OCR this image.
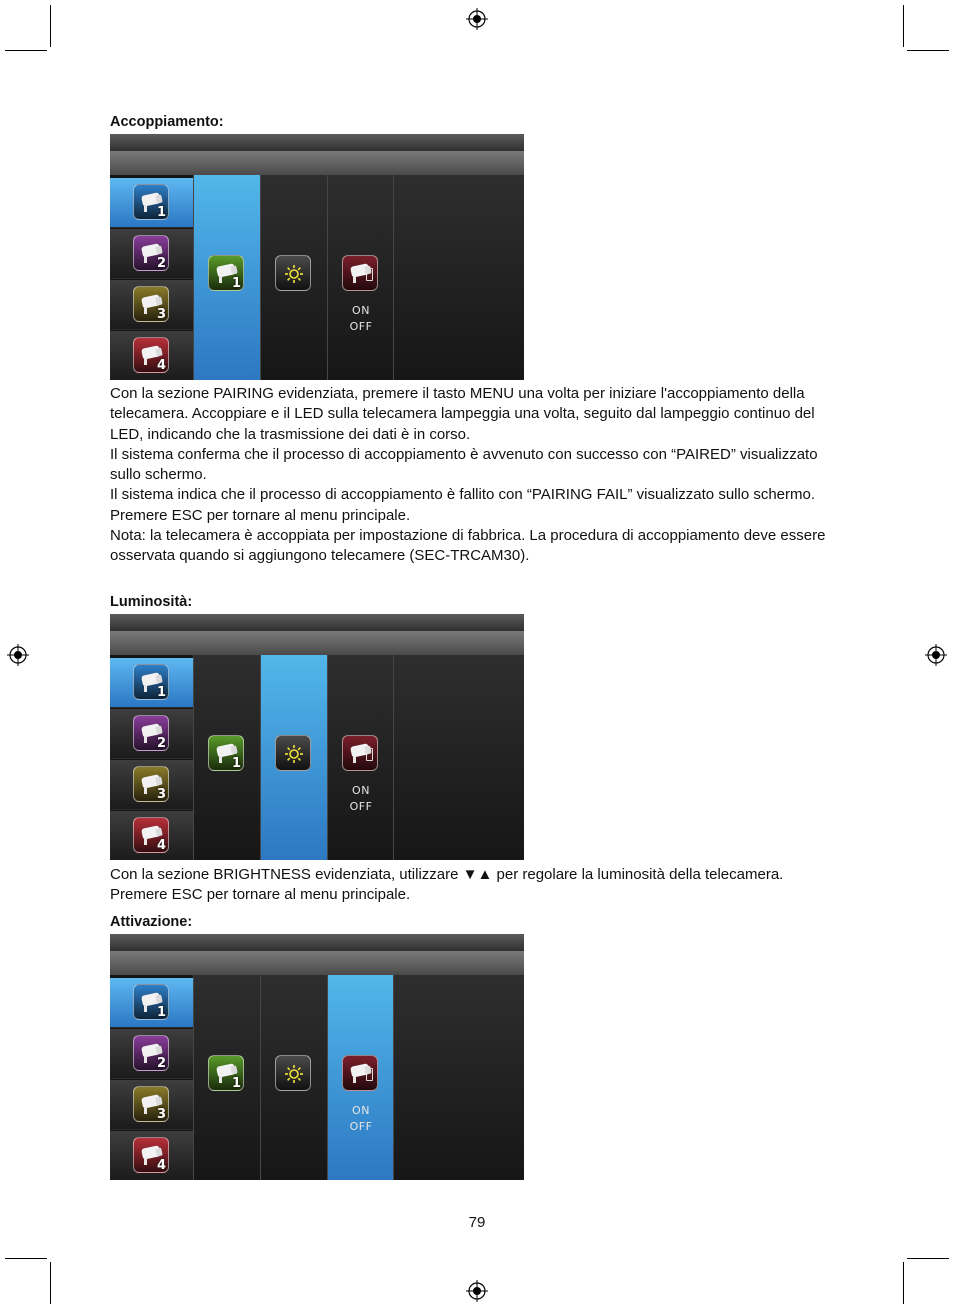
Accoppiamento:
1
2
3
4
1
ON
OFF
Con la sezione PAIRING evidenziata, premere il tasto MENU una volta per iniziare l'accoppiamento della telecamera. Accoppiare e il LED sulla telecamera lampeggia una volta, seguito dal lampeggio continuo del LED, indicando che la trasmissione dei dati è in corso.
Il sistema conferma che il processo di accoppiamento è avvenuto con successo con “PAIRED” visualizzato sullo schermo.
Il sistema indica che il processo di accoppiamento è fallito con “PAIRING FAIL” visualizzato sullo schermo.
Premere ESC per tornare al menu principale.
Nota: la telecamera è accoppiata per impostazione di fabbrica. La procedura di accoppiamento deve essere osservata quando si aggiungono telecamere (SEC-TRCAM30).
Luminosità:
1
2
3
4
1
ON
OFF
Con la sezione BRIGHTNESS evidenziata, utilizzare ▼▲ per regolare la luminosità della telecamera.
Premere ESC per tornare al menu principale.
Attivazione:
1
2
3
4
1
ON
OFF
79
